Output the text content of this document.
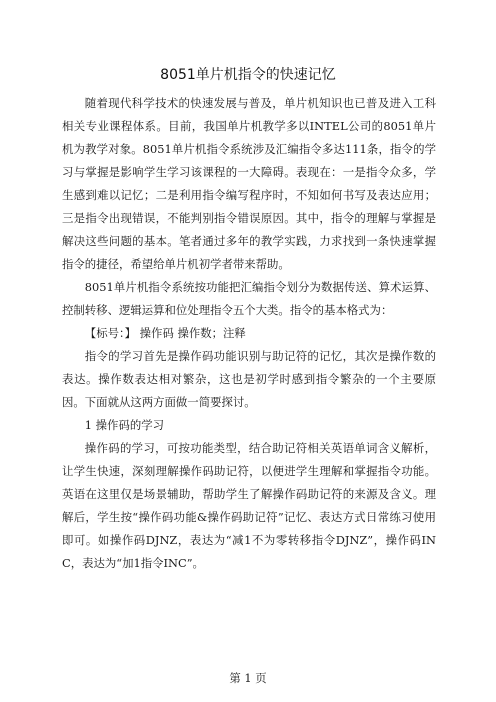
8051单片机指令的快速记忆

随着现代科学技术的快速发展与普及，单片机知识也已普及进入工科相关专业课程体系。目前，我国单片机教学多以INTEL公司的8051单片机为教学对象。8051单片机指令系统涉及汇编指令多达111条，指令的学习与掌握是影响学生学习该课程的一大障碍。表现在：一是指令众多，学生感到难以记忆；二是利用指令编写程序时，不知如何书写及表达应用；三是指令出现错误，不能判别指令错误原因。其中，指令的理解与掌握是解决这些问题的基本。笔者通过多年的教学实践，力求找到一条快速掌握指令的捷径，希望给单片机初学者带来帮助。

8051单片机指令系统按功能把汇编指令划分为数据传送、算术运算、控制转移、逻辑运算和位处理指令五个大类。指令的基本格式为：

【标号：】 操作码 操作数；注释

指令的学习首先是操作码功能识别与助记符的记忆，其次是操作数的表达。操作数表达相对繁杂，这也是初学时感到指令繁杂的一个主要原因。下面就从这两方面做一简要探讨。

1 操作码的学习

操作码的学习，可按功能类型，结合助记符相关英语单词含义解析，让学生快速，深刻理解操作码助记符，以便进学生理解和掌握指令功能。英语在这里仅是场景辅助，帮助学生了解操作码助记符的来源及含义。理解后，学生按“操作码功能&操作码助记符”记忆、表达方式日常练习使用即可。如操作码DJNZ，表达为“减1不为零转移指令DJNZ”，操作码INC，表达为“加1指令INC”。

第 1 页
